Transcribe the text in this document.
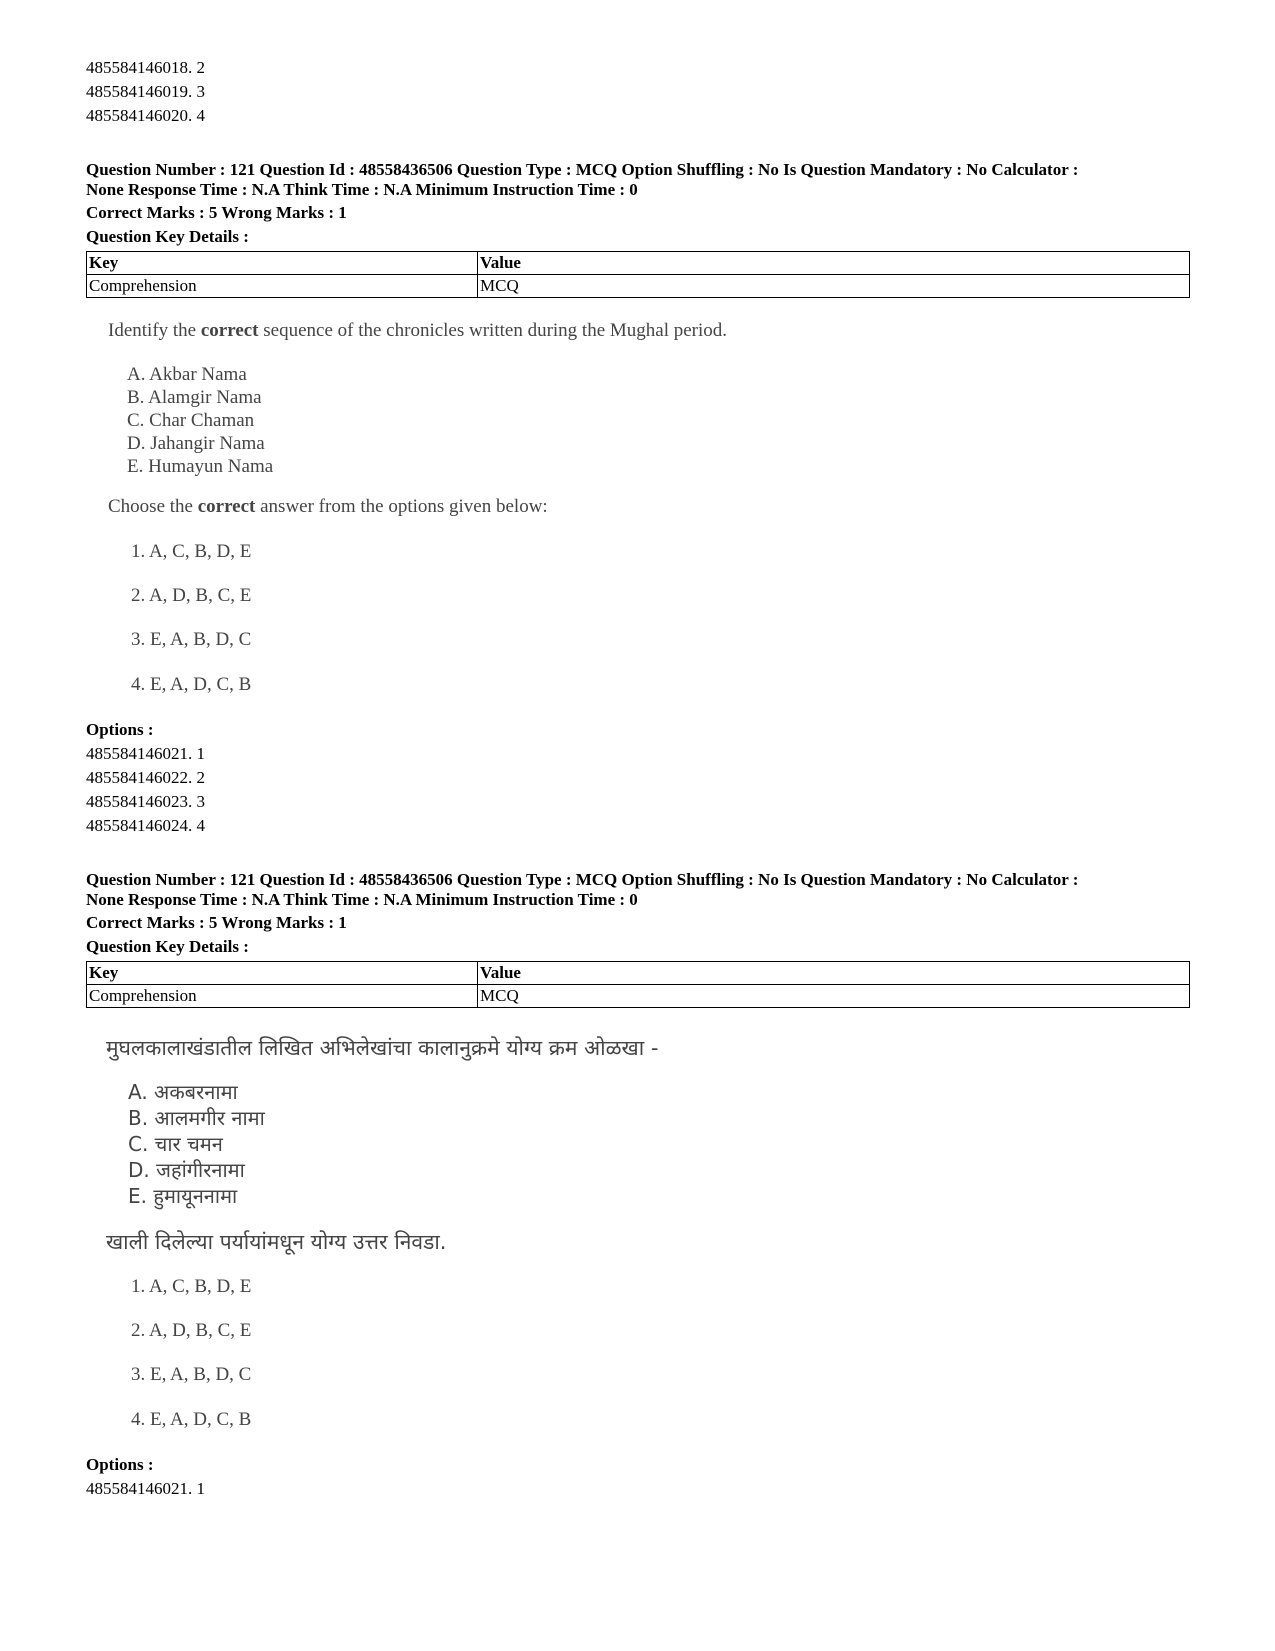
485584146018. 2
485584146019. 3
485584146020. 4
Question Number : 121 Question Id : 48558436506 Question Type : MCQ Option Shuffling : No Is Question Mandatory : No Calculator :
None Response Time : N.A Think Time : N.A Minimum Instruction Time : 0
Correct Marks : 5 Wrong Marks : 1
Question Key Details :
Key	Value
Comprehension	MCQ
Identify the correct sequence of the chronicles written during the Mughal period.
A. Akbar Nama
B. Alamgir Nama
C. Char Chaman
D. Jahangir Nama
E. Humayun Nama
Choose the correct answer from the options given below:
1. A, C, B, D, E
2. A, D, B, C, E
3. E, A, B, D, C
4. E, A, D, C, B
Options :
485584146021. 1
485584146022. 2
485584146023. 3
485584146024. 4
Question Number : 121 Question Id : 48558436506 Question Type : MCQ Option Shuffling : No Is Question Mandatory : No Calculator :
None Response Time : N.A Think Time : N.A Minimum Instruction Time : 0
Correct Marks : 5 Wrong Marks : 1
Question Key Details :
Key	Value
Comprehension	MCQ
मुघलकालाखंडातील लिखित अभिलेखांचा कालानुक्रमे योग्य क्रम ओळखा -
A. अकबरनामा
B. आलमगीर नामा
C. चार चमन
D. जहांगीरनामा
E. हुमायूननामा
खाली दिलेल्या पर्यायांमधून योग्य उत्तर निवडा.
1. A, C, B, D, E
2. A, D, B, C, E
3. E, A, B, D, C
4. E, A, D, C, B
Options :
485584146021. 1
